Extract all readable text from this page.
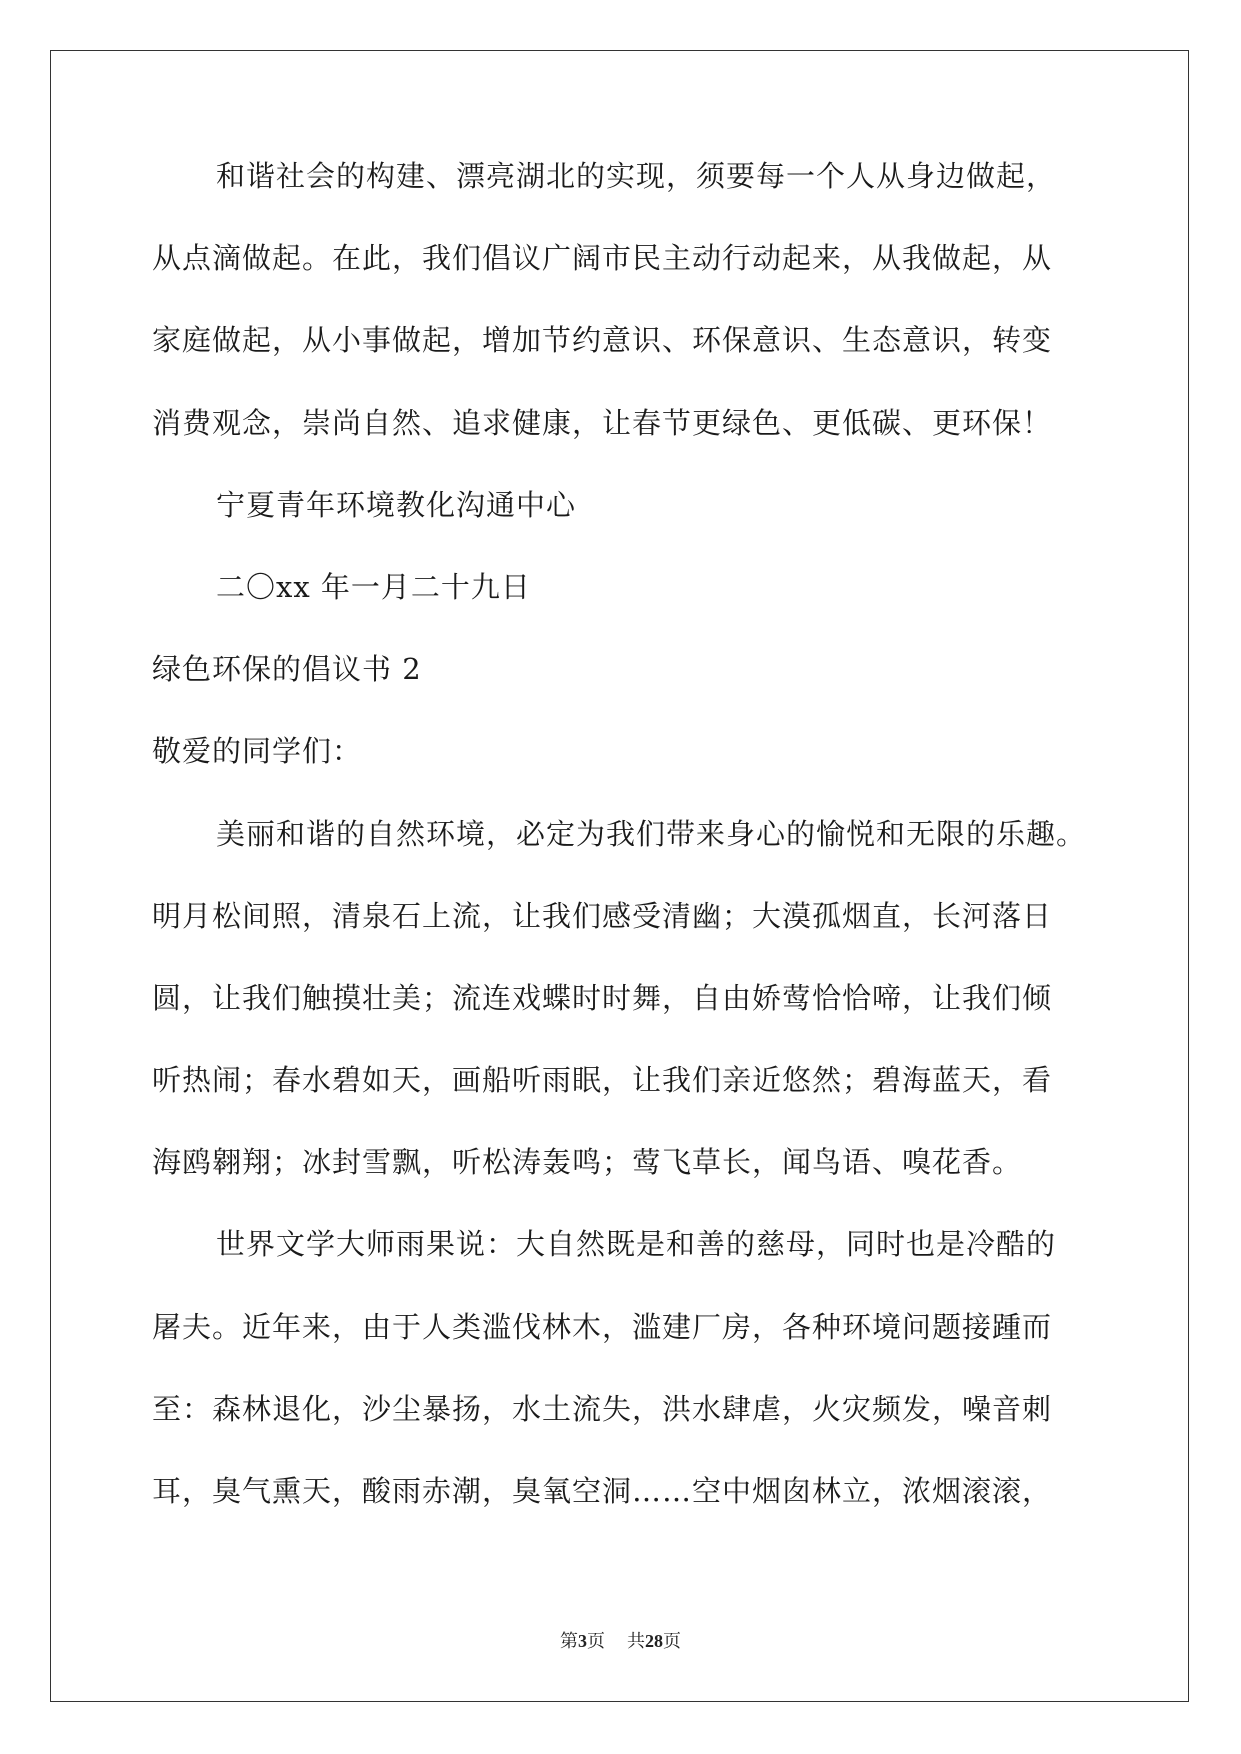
和谐社会的构建、漂亮湖北的实现，须要每一个人从身边做起，
从点滴做起。在此，我们倡议广阔市民主动行动起来，从我做起，从
家庭做起，从小事做起，增加节约意识、环保意识、生态意识，转变
消费观念，崇尚自然、追求健康，让春节更绿色、更低碳、更环保！
宁夏青年环境教化沟通中心
二〇xx 年一月二十九日
绿色环保的倡议书 2
敬爱的同学们：
美丽和谐的自然环境，必定为我们带来身心的愉悦和无限的乐趣。
明月松间照，清泉石上流，让我们感受清幽；大漠孤烟直，长河落日
圆，让我们触摸壮美；流连戏蝶时时舞，自由娇莺恰恰啼，让我们倾
听热闹；春水碧如天，画船听雨眠，让我们亲近悠然；碧海蓝天，看
海鸥翱翔；冰封雪飘，听松涛轰鸣；莺飞草长，闻鸟语、嗅花香。
世界文学大师雨果说：大自然既是和善的慈母，同时也是冷酷的
屠夫。近年来，由于人类滥伐林木，滥建厂房，各种环境问题接踵而
至：森林退化，沙尘暴扬，水土流失，洪水肆虐，火灾频发，噪音刺
耳，臭气熏天，酸雨赤潮，臭氧空洞……空中烟囱林立，浓烟滚滚，
第3页 共28页
